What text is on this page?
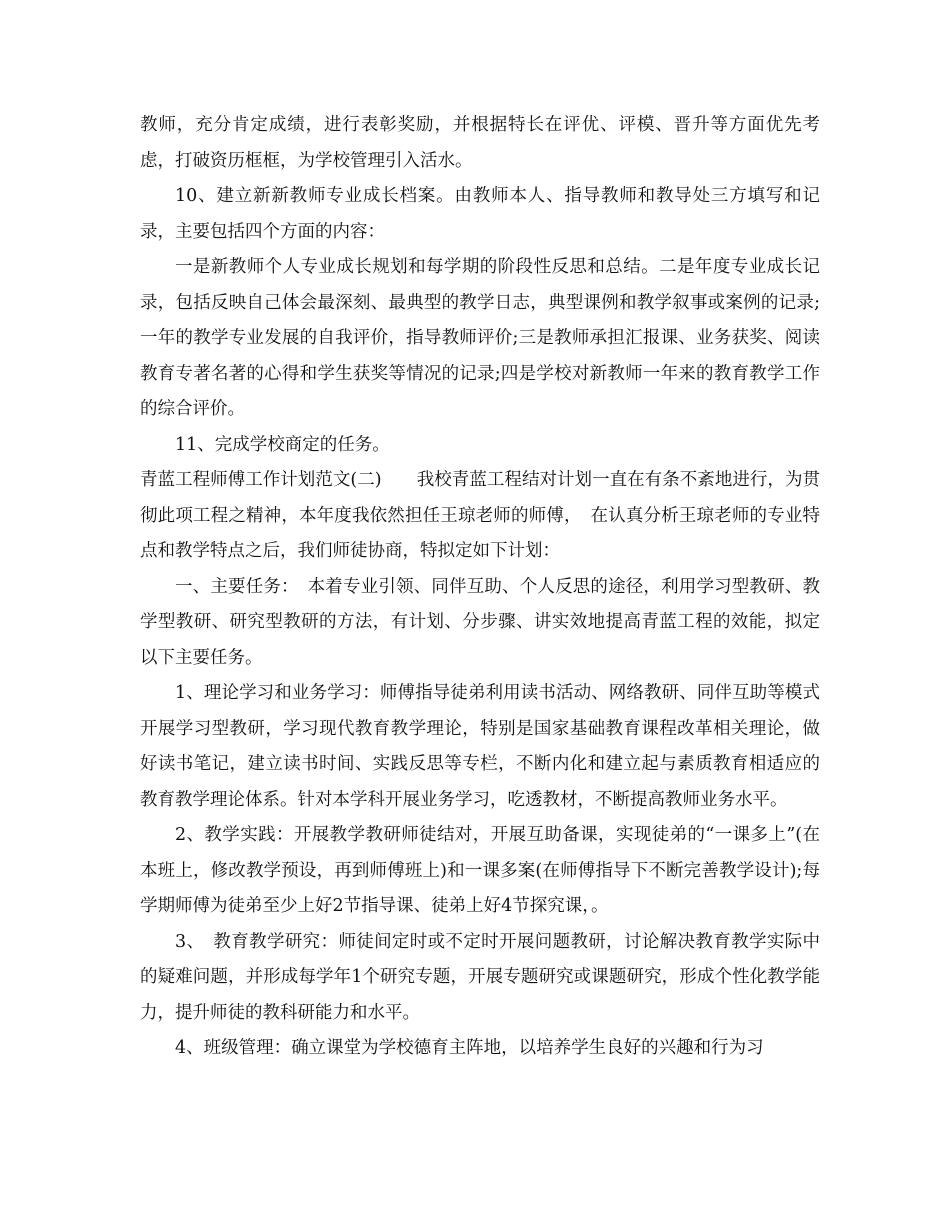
教师，充分肯定成绩，进行表彰奖励，并根据特长在评优、评模、晋升等方面优先考虑，打破资历框框，为学校管理引入活水。

10、建立新新教师专业成长档案。由教师本人、指导教师和教导处三方填写和记录，主要包括四个方面的内容：

一是新教师个人专业成长规划和每学期的阶段性反思和总结。二是年度专业成长记录，包括反映自己体会最深刻、最典型的教学日志，典型课例和教学叙事或案例的记录;一年的教学专业发展的自我评价，指导教师评价;三是教师承担汇报课、业务获奖、阅读教育专著名著的心得和学生获奖等情况的记录;四是学校对新教师一年来的教育教学工作的综合评价。

11、完成学校商定的任务。

青蓝工程师傅工作计划范文(二)　　我校青蓝工程结对计划一直在有条不紊地进行，为贯彻此项工程之精神，本年度我依然担任王琼老师的师傅，　在认真分析王琼老师的专业特点和教学特点之后，我们师徒协商，特拟定如下计划：

一、主要任务：　本着专业引领、同伴互助、个人反思的途径，利用学习型教研、教学型教研、研究型教研的方法，有计划、分步骤、讲实效地提高青蓝工程的效能，拟定以下主要任务。

1、理论学习和业务学习：师傅指导徒弟利用读书活动、网络教研、同伴互助等模式开展学习型教研，学习现代教育教学理论，特别是国家基础教育课程改革相关理论，做好读书笔记，建立读书时间、实践反思等专栏，不断内化和建立起与素质教育相适应的教育教学理论体系。针对本学科开展业务学习，吃透教材，不断提高教师业务水平。

2、教学实践：开展教学教研师徒结对，开展互助备课，实现徒弟的“一课多上”(在本班上，修改教学预设，再到师傅班上)和一课多案(在师傅指导下不断完善教学设计);每学期师傅为徒弟至少上好2节指导课、徒弟上好4节探究课，。

3、　教育教学研究：师徒间定时或不定时开展问题教研，讨论解决教育教学实际中的疑难问题，并形成每学年1个研究专题，开展专题研究或课题研究，形成个性化教学能力，提升师徒的教科研能力和水平。

4、班级管理：确立课堂为学校德育主阵地，以培养学生良好的兴趣和行为习
